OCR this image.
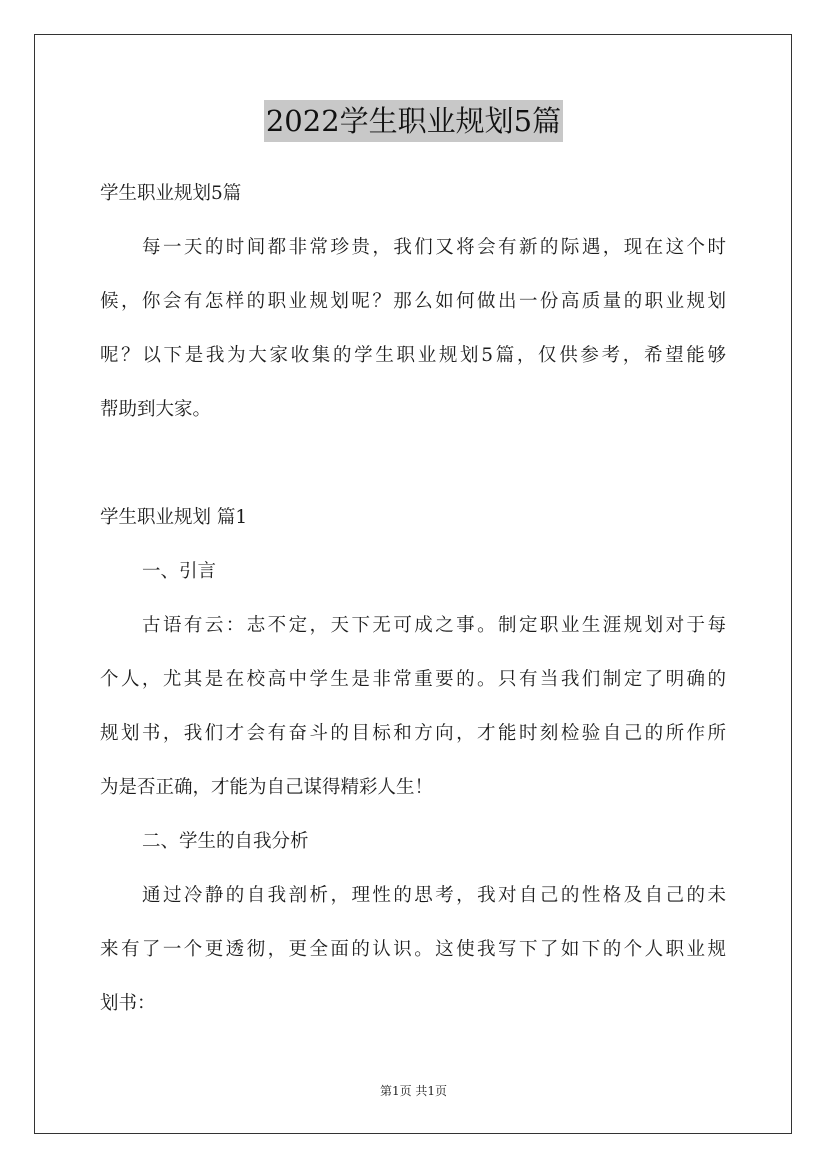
2022学生职业规划5篇
学生职业规划5篇
每一天的时间都非常珍贵，我们又将会有新的际遇，现在这个时
候，你会有怎样的职业规划呢？那么如何做出一份高质量的职业规划
呢？以下是我为大家收集的学生职业规划5篇，仅供参考，希望能够
帮助到大家。
学生职业规划 篇1
一、引言
古语有云：志不定，天下无可成之事。制定职业生涯规划对于每
个人，尤其是在校高中学生是非常重要的。只有当我们制定了明确的
规划书，我们才会有奋斗的目标和方向，才能时刻检验自己的所作所
为是否正确，才能为自己谋得精彩人生！
二、学生的自我分析
通过冷静的自我剖析，理性的思考，我对自己的性格及自己的未
来有了一个更透彻，更全面的认识。这使我写下了如下的个人职业规
划书：
第1页 共1页
